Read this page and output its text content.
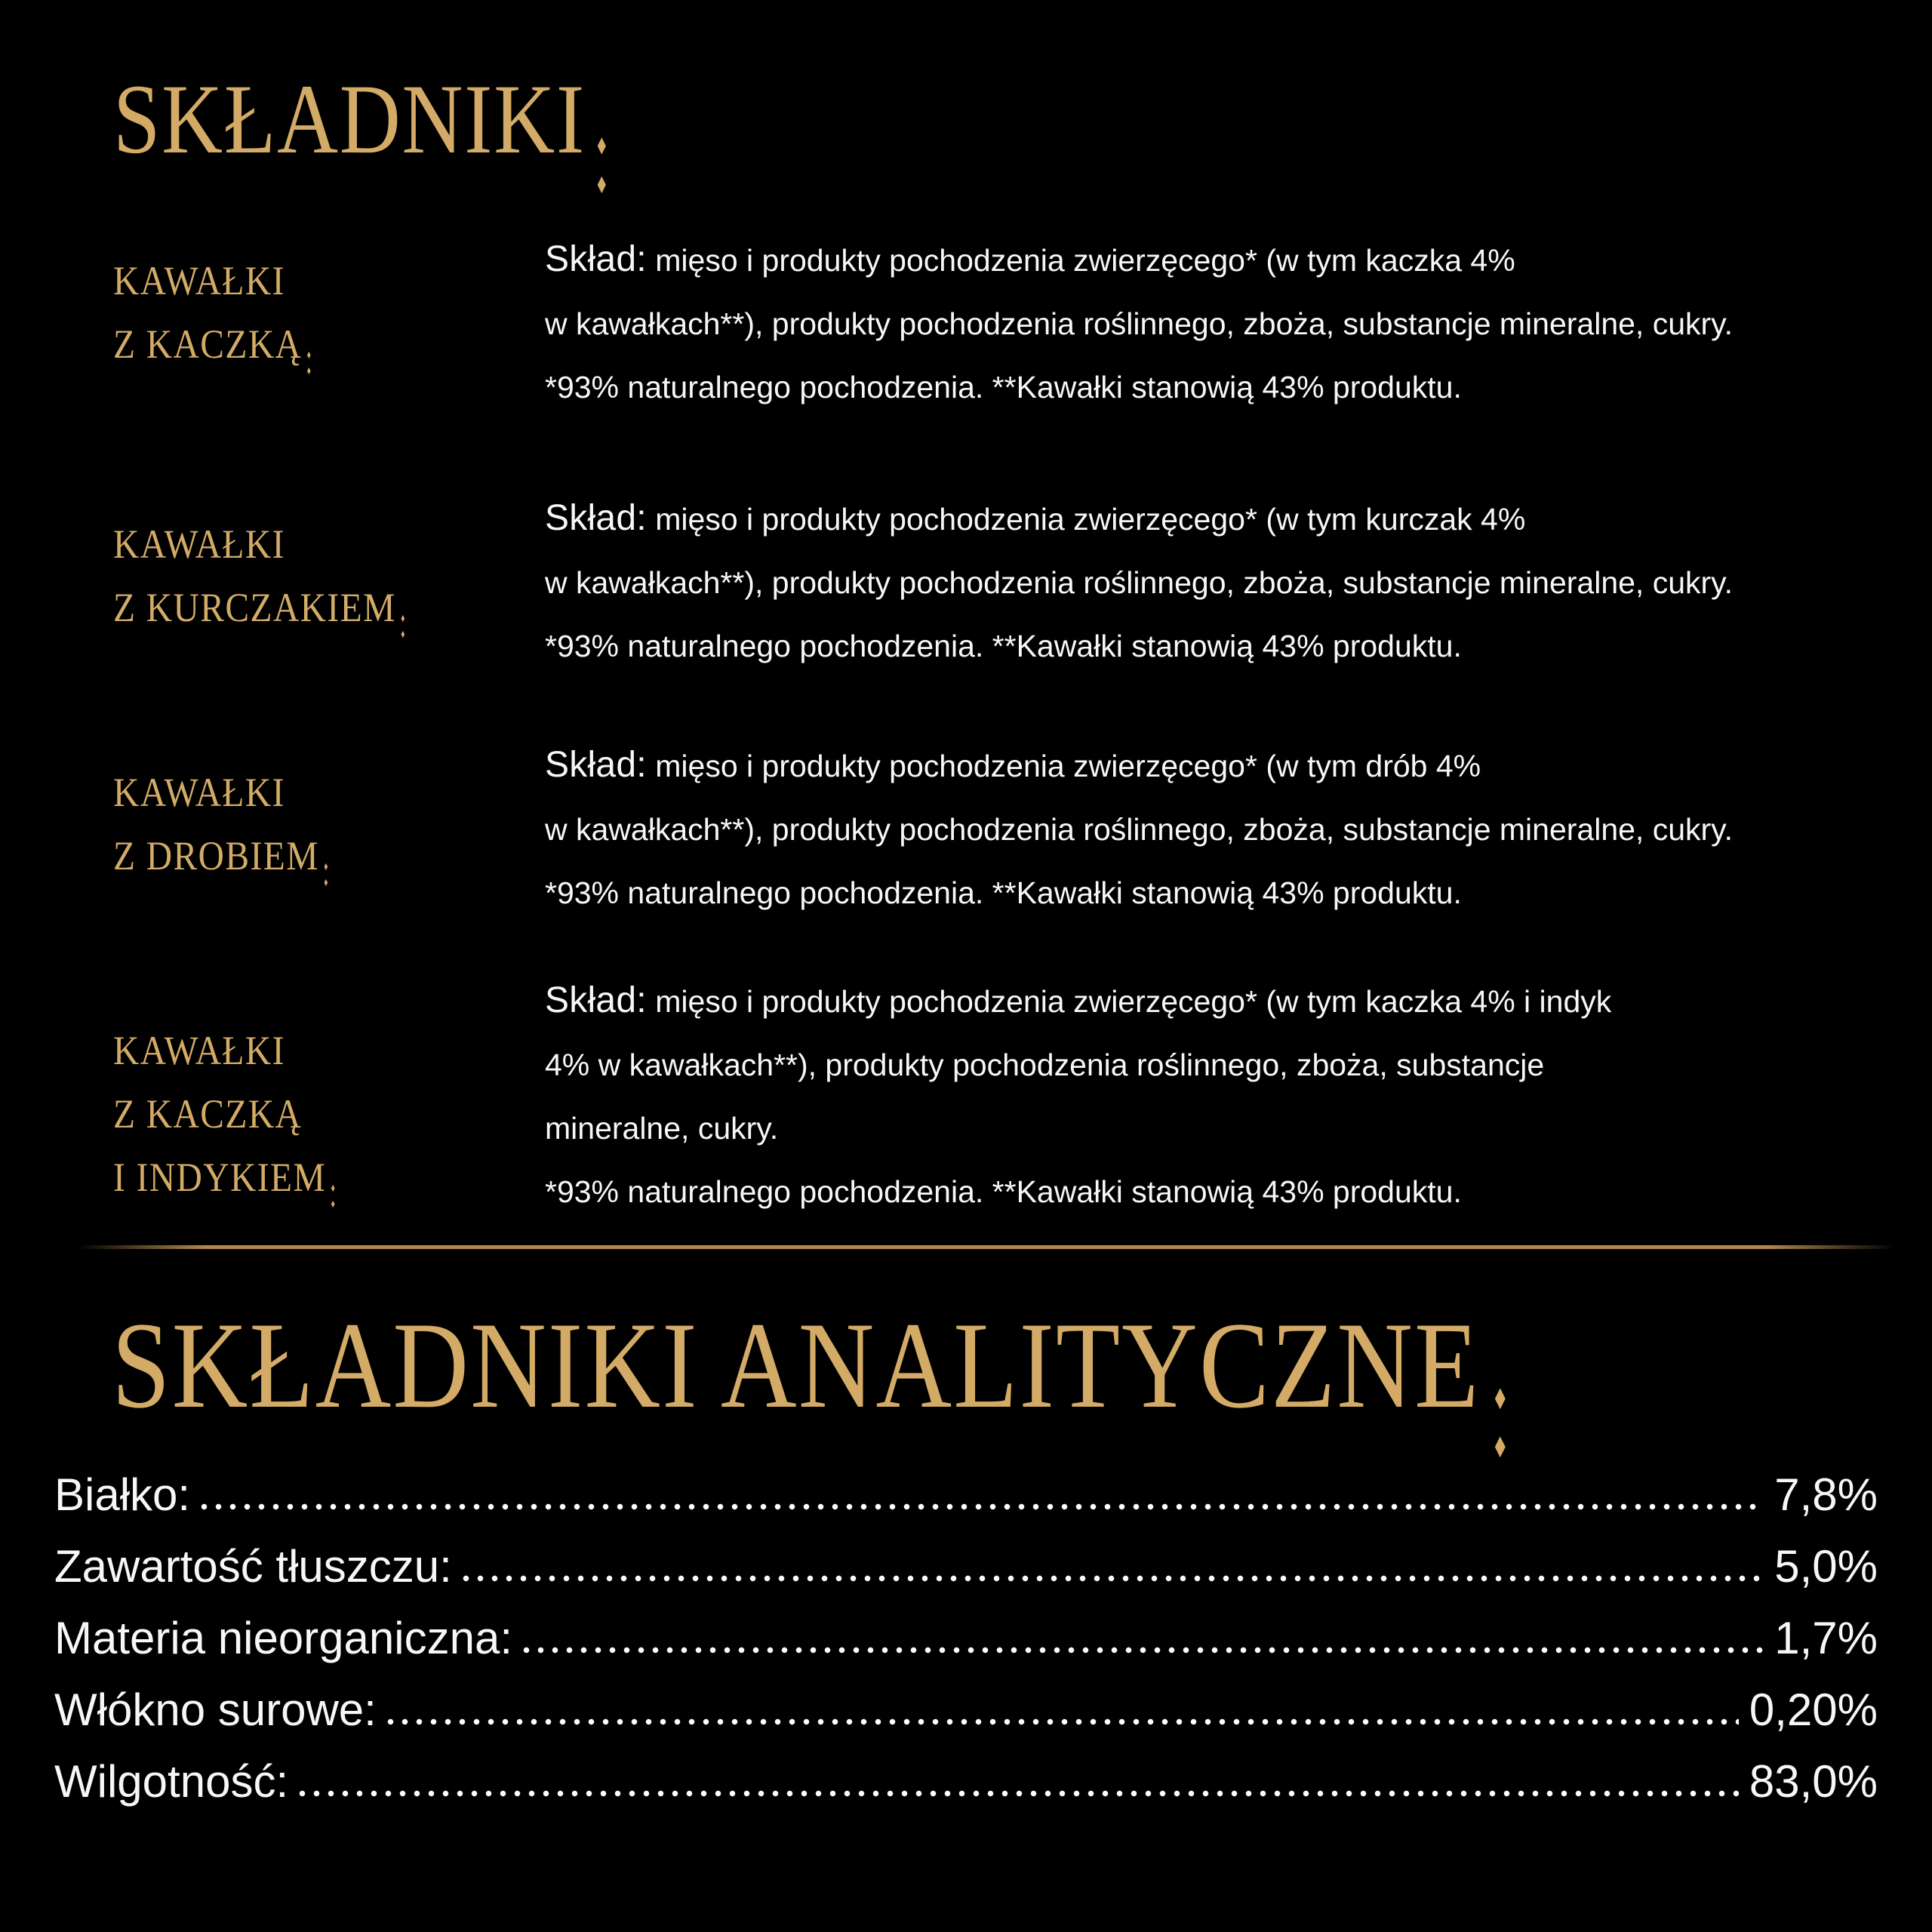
SKŁADNIKI
KAWAŁKI
Z KACZKĄ
Skład: mięso i produkty pochodzenia zwierzęcego* (w tym kaczka 4%
w kawałkach**), produkty pochodzenia roślinnego, zboża, substancje mineralne, cukry.
*93% naturalnego pochodzenia. **Kawałki stanowią 43% produktu.
KAWAŁKI
Z KURCZAKIEM
Skład: mięso i produkty pochodzenia zwierzęcego* (w tym kurczak 4%
w kawałkach**), produkty pochodzenia roślinnego, zboża, substancje mineralne, cukry.
*93% naturalnego pochodzenia. **Kawałki stanowią 43% produktu.
KAWAŁKI
Z DROBIEM
Skład: mięso i produkty pochodzenia zwierzęcego* (w tym drób 4%
w kawałkach**), produkty pochodzenia roślinnego, zboża, substancje mineralne, cukry.
*93% naturalnego pochodzenia. **Kawałki stanowią 43% produktu.
KAWAŁKI
Z KACZKĄ
I INDYKIEM
Skład: mięso i produkty pochodzenia zwierzęcego* (w tym kaczka 4% i indyk
4% w kawałkach**), produkty pochodzenia roślinnego, zboża, substancje
mineralne, cukry.
*93% naturalnego pochodzenia. **Kawałki stanowią 43% produktu.
SKŁADNIKI ANALITYCZNE
Białko:	7,8%
Zawartość tłuszczu:	5,0%
Materia nieorganiczna:	1,7%
Włókno surowe:	0,20%
Wilgotność:	83,0%
